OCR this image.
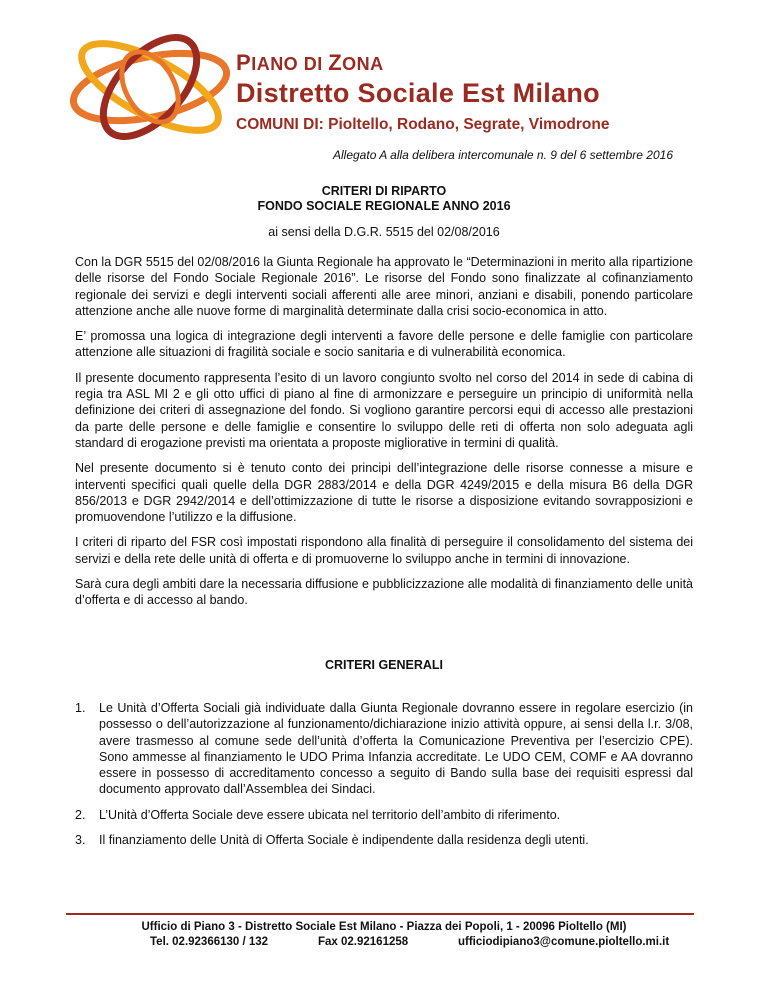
PIANO DI ZONA
Distretto Sociale Est Milano
COMUNI DI: Pioltello, Rodano, Segrate, Vimodrone
Allegato A alla delibera intercomunale n. 9 del 6 settembre 2016
CRITERI DI RIPARTO
FONDO SOCIALE REGIONALE ANNO 2016
ai sensi della D.G.R. 5515 del 02/08/2016

Con la DGR 5515 del 02/08/2016 la Giunta Regionale ha approvato le “Determinazioni in merito alla ripartizione delle risorse del Fondo Sociale Regionale 2016”. Le risorse del Fondo sono finalizzate al cofinanziamento regionale dei servizi e degli interventi sociali afferenti alle aree minori, anziani e disabili, ponendo particolare attenzione anche alle nuove forme di marginalità determinate dalla crisi socio-economica in atto.

E’ promossa una logica di integrazione degli interventi a favore delle persone e delle famiglie con particolare attenzione alle situazioni di fragilità sociale e socio sanitaria e di vulnerabilità economica.

Il presente documento rappresenta l’esito di un lavoro congiunto svolto nel corso del 2014 in sede di cabina di regia tra ASL MI 2 e gli otto uffici di piano al fine di armonizzare e perseguire un principio di uniformità nella definizione dei criteri di assegnazione del fondo. Si vogliono garantire percorsi equi di accesso alle prestazioni da parte delle persone e delle famiglie e consentire lo sviluppo delle reti di offerta non solo adeguata agli standard di erogazione previsti ma orientata a proposte migliorative in termini di qualità.

Nel presente documento si è tenuto conto dei principi dell’integrazione delle risorse connesse a misure e interventi specifici quali quelle della DGR 2883/2014 e della DGR 4249/2015 e della misura B6 della DGR 856/2013 e DGR 2942/2014 e dell’ottimizzazione di tutte le risorse a disposizione evitando sovrapposizioni e promuovendone l’utilizzo e la diffusione.

I criteri di riparto del FSR così impostati rispondono alla finalità di perseguire il consolidamento del sistema dei servizi e della rete delle unità di offerta e di promuoverne lo sviluppo anche in termini di innovazione.

Sarà cura degli ambiti dare la necessaria diffusione e pubblicizzazione alle modalità di finanziamento delle unità d’offerta e di accesso al bando.

CRITERI GENERALI
1.	Le Unità d’Offerta Sociali già individuate dalla Giunta Regionale dovranno essere in regolare esercizio (in possesso o dell’autorizzazione al funzionamento/dichiarazione inizio attività oppure, ai sensi della l.r. 3/08, avere trasmesso al comune sede dell’unità d’offerta la Comunicazione Preventiva per l’esercizio CPE). Sono ammesse al finanziamento le UDO Prima Infanzia accreditate. Le UDO CEM, COMF e AA dovranno essere in possesso di accreditamento concesso a seguito di Bando sulla base dei requisiti espressi dal documento approvato dall’Assemblea dei Sindaci.
2.	L’Unità d’Offerta Sociale deve essere ubicata nel territorio dell’ambito di riferimento.
3.	Il finanziamento delle Unità di Offerta Sociale è indipendente dalla residenza degli utenti.
Ufficio di Piano 3 - Distretto Sociale Est Milano - Piazza dei Popoli, 1 - 20096 Pioltello (MI)
Tel. 02.92366130 / 132	Fax 02.92161258	ufficiodipiano3@comune.pioltello.mi.it
